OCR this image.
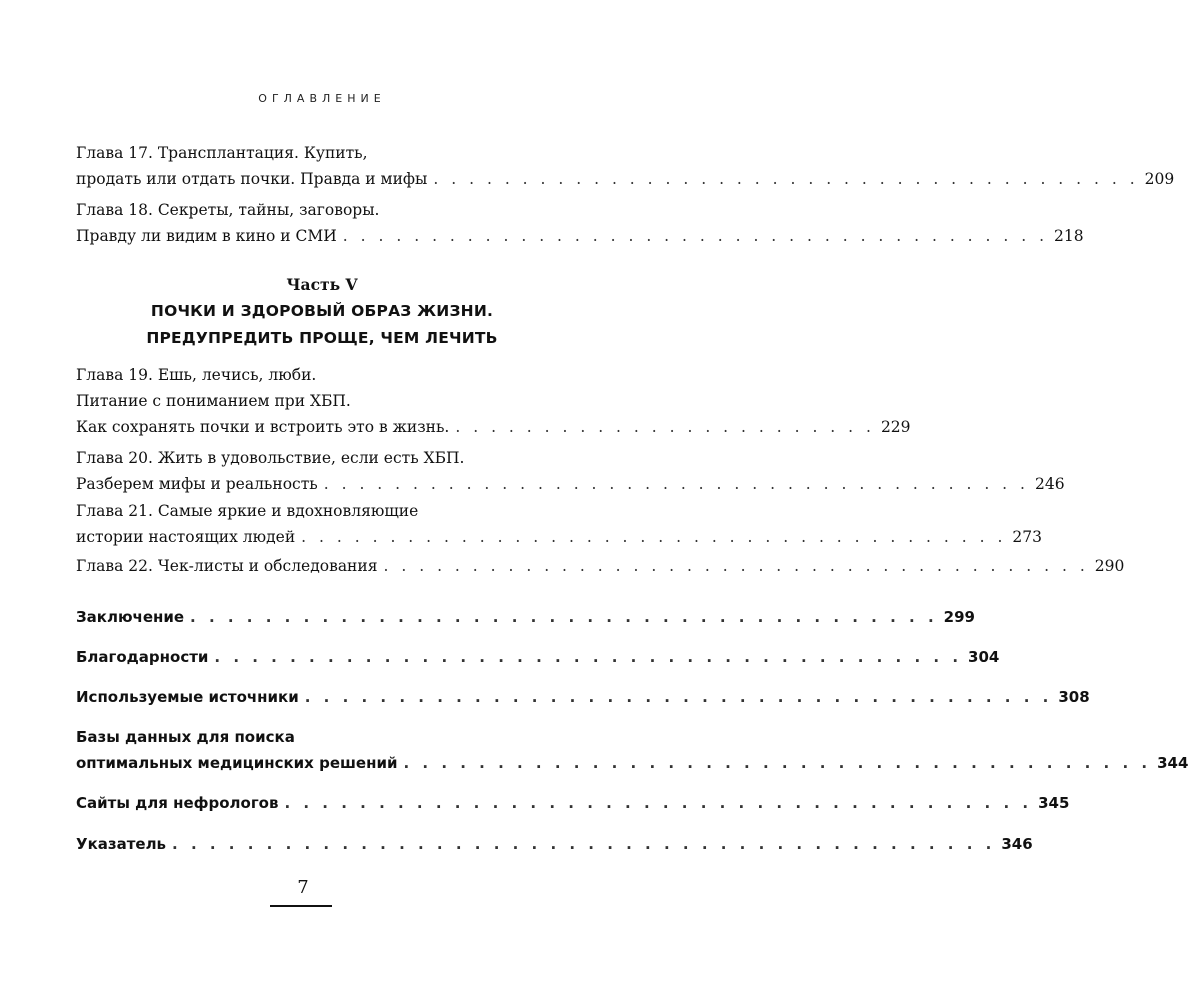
ОГЛАВЛЕНИЕ
Глава 17. Трансплантация. Купить,
продать или отдать почки. Правда и мифы . . . . . . . . . . . . . . . . . . . . . . . . . . . . . . . . . . . . . . . . 209
Глава 18. Секреты, тайны, заговоры.
Правду ли видим в кино и СМИ . . . . . . . . . . . . . . . . . . . . . . . . . . . . . . . . . . . . . . . . 218
Часть V
ПОЧКИ И ЗДОРОВЫЙ ОБРАЗ ЖИЗНИ.
ПРЕДУПРЕДИТЬ ПРОЩЕ, ЧЕМ ЛЕЧИТЬ
Глава 19. Ешь, лечись, люби.
Питание с пониманием при ХБП.
Как сохранять почки и встроить это в жизнь. . . . . . . . . . . . . . . . . . . . . . . . . 229
Глава 20. Жить в удовольствие, если есть ХБП.
Разберем мифы и реальность . . . . . . . . . . . . . . . . . . . . . . . . . . . . . . . . . . . . . . . . 246
Глава 21. Самые яркие и вдохновляющие
истории настоящих людей . . . . . . . . . . . . . . . . . . . . . . . . . . . . . . . . . . . . . . . . 273
Глава 22. Чек-листы и обследования . . . . . . . . . . . . . . . . . . . . . . . . . . . . . . . . . . . . . . . . 290
Заключение . . . . . . . . . . . . . . . . . . . . . . . . . . . . . . . . . . . . . . . . 299
Благодарности . . . . . . . . . . . . . . . . . . . . . . . . . . . . . . . . . . . . . . . . 304
Используемые источники . . . . . . . . . . . . . . . . . . . . . . . . . . . . . . . . . . . . . . . . 308
Базы данных для поиска
оптимальных медицинских решений . . . . . . . . . . . . . . . . . . . . . . . . . . . . . . . . . . . . . . . . 344
Сайты для нефрологов . . . . . . . . . . . . . . . . . . . . . . . . . . . . . . . . . . . . . . . . 345
Указатель . . . . . . . . . . . . . . . . . . . . . . . . . . . . . . . . . . . . . . . . . . . . 346
7
